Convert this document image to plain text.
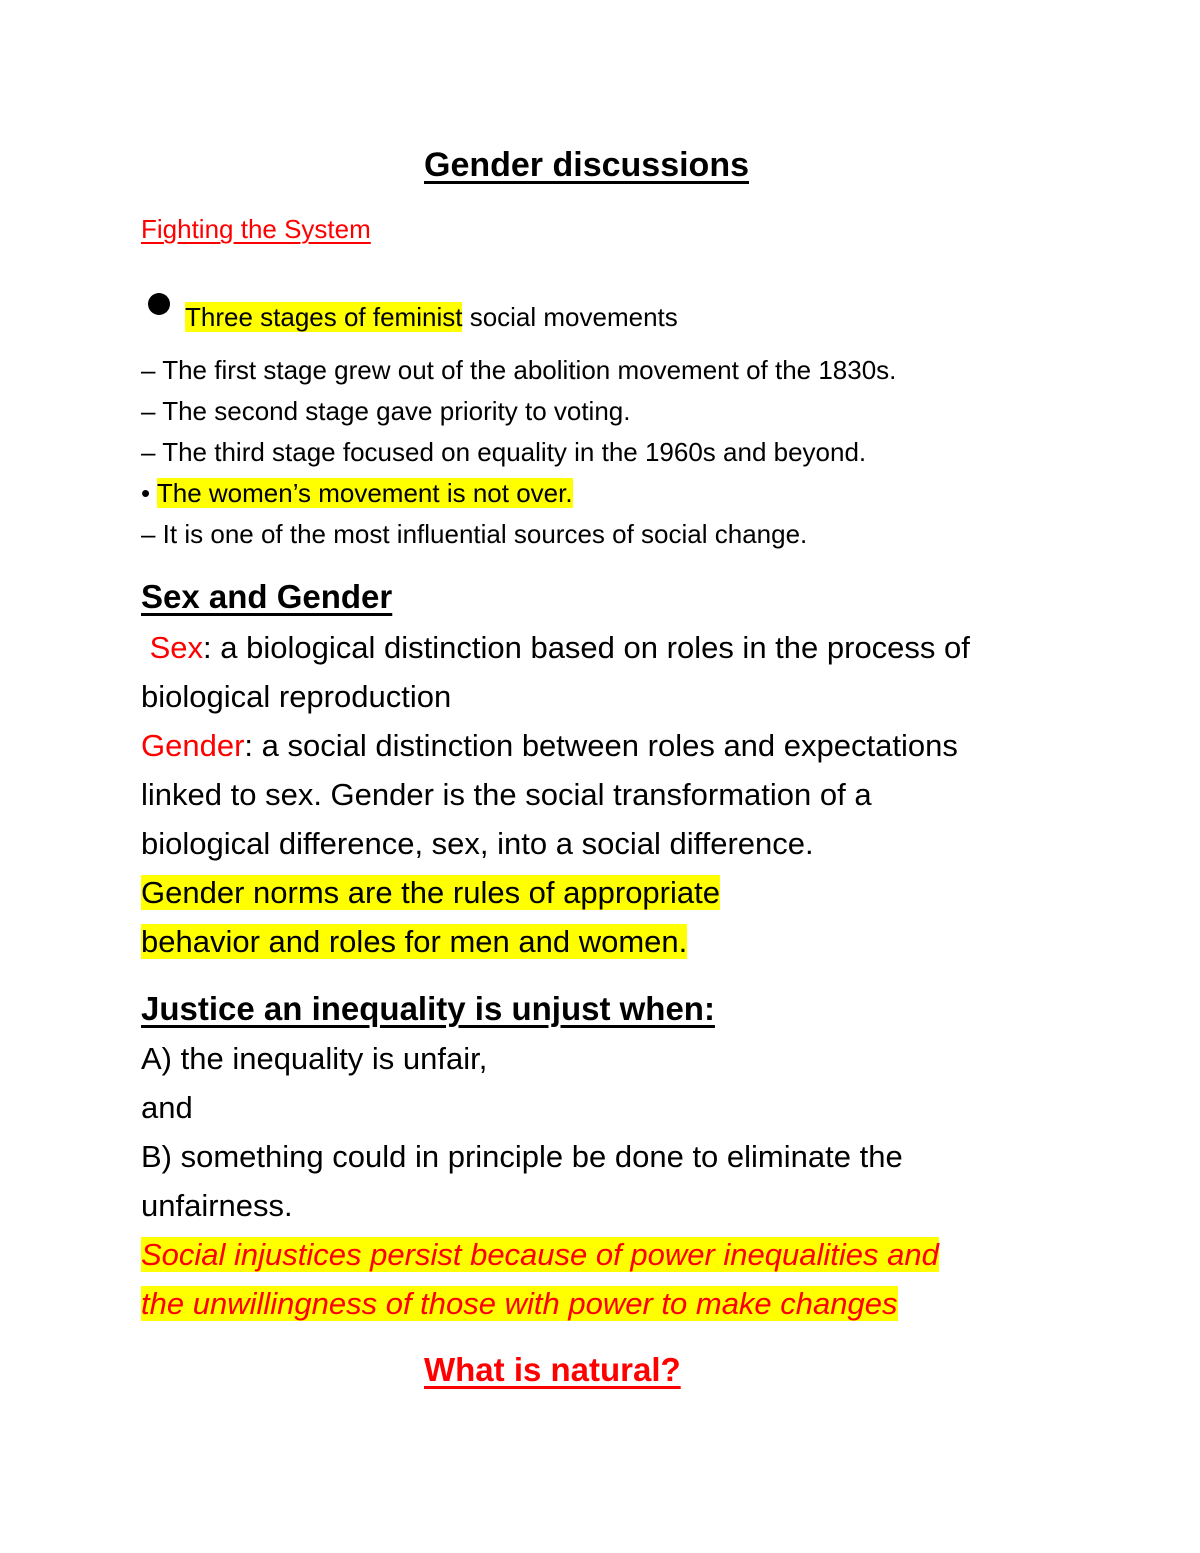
Gender discussions
Fighting the System
Three stages of feminist social movements
– The first stage grew out of the abolition movement of the 1830s.
– The second stage gave priority to voting.
– The third stage focused on equality in the 1960s and beyond.
• The women’s movement is not over.
– It is one of the most influential sources of social change.
Sex and Gender
Sex: a biological distinction based on roles in the process of
biological reproduction
Gender: a social distinction between roles and expectations
linked to sex. Gender is the social transformation of a
biological difference, sex, into a social difference.
Gender norms are the rules of appropriate
behavior and roles for men and women.
Justice an inequality is unjust when:
A) the inequality is unfair,
and
B) something could in principle be done to eliminate the
unfairness.
Social injustices persist because of power inequalities and
the unwillingness of those with power to make changes
What is natural?
